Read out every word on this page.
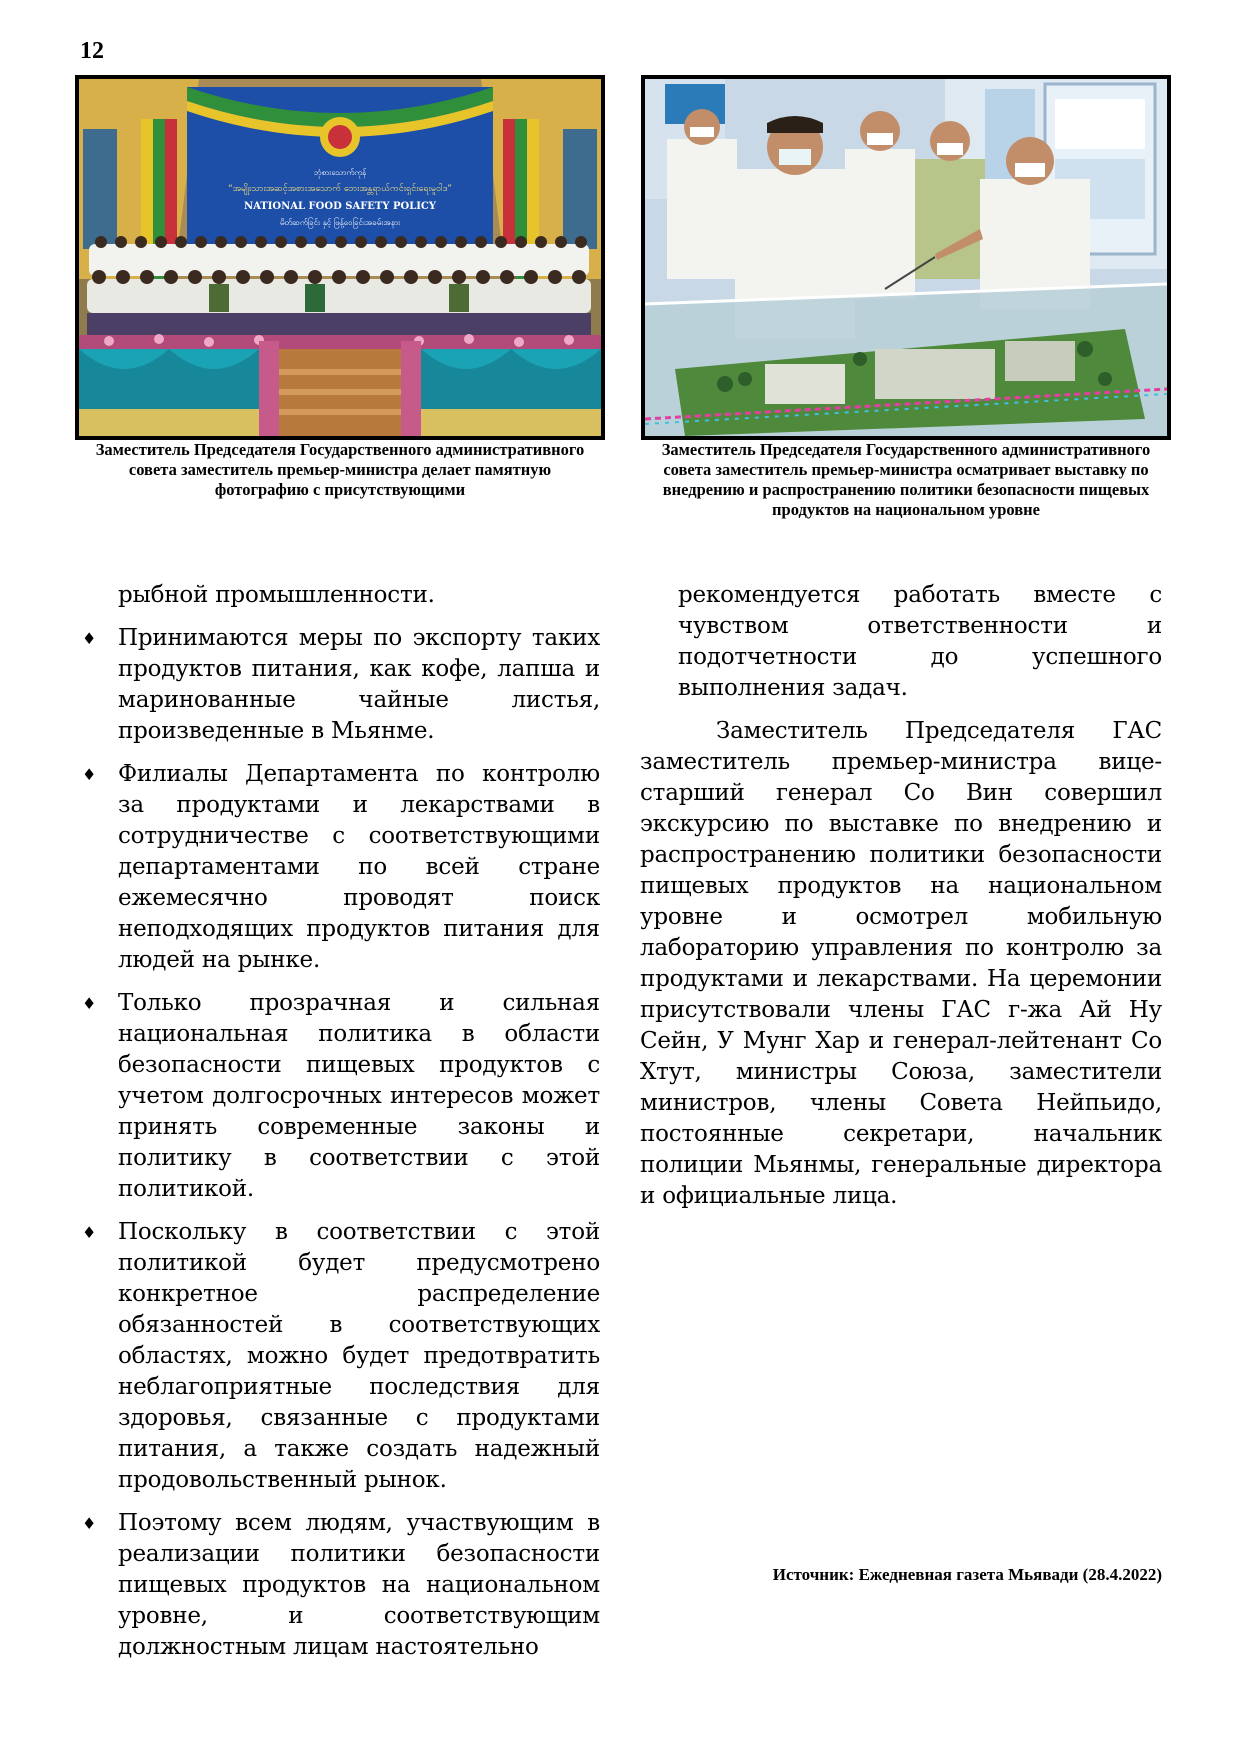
12
ဘုံစားသောက်ကုန်
“အမျိုးသားအဆင့်အစားအသောက် ဘေးအန္တရာယ်ကင်းရှင်းရေးမူဝါဒ”
NATIONAL FOOD SAFETY POLICY
မိတ်ဆက်ခြင်း နှင့် ဖြန့်ဝေခြင်းအခမ်းအနား
Заместитель Председателя Государственного административного совета заместитель премьер-министра делает памятную фотографию с присутствующими
Заместитель Председателя Государственного административного совета заместитель премьер-министра осматривает выставку по внедрению и распространению политики безопасности пищевых продуктов на национальном уровне

рыбной промышленности.

♦ Принимаются меры по экспорту таких продуктов питания, как кофе, лапша и маринованные чайные листья, произведенные в Мьянме.
♦ Филиалы Департамента по контролю за продуктами и лекарствами в сотрудничестве с соответствующими департаментами по всей стране ежемесячно проводят поиск неподходящих продуктов питания для людей на рынке.
♦ Только прозрачная и сильная национальная политика в области безопасности пищевых продуктов с учетом долгосрочных интересов может принять современные законы и политику в соответствии с этой политикой.
♦ Поскольку в соответствии с этой политикой будет предусмотрено конкретное распределение обязанностей в соответствующих областях, можно будет предотвратить неблагоприятные последствия для здоровья, связанные с продуктами питания, а также создать надежный продовольственный рынок.
♦ Поэтому всем людям, участвующим в реализации политики безопасности пищевых продуктов на национальном уровне, и соответствующим должностным лицам настоятельно

рекомендуется работать вместе с чувством ответственности и подотчетности до успешного выполнения задач.

Заместитель Председателя ГАС заместитель премьер-министра вице-старший генерал Со Вин совершил экскурсию по выставке по внедрению и распространению политики безопасности пищевых продуктов на национальном уровне и осмотрел мобильную лабораторию управления по контролю за продуктами и лекарствами. На церемонии присутствовали члены ГАС г-жа Ай Ну Сейн, У Мунг Хар и генерал-лейтенант Со Хтут, министры Союза, заместители министров, члены Совета Нейпьидо, постоянные секретари, начальник полиции Мьянмы, генеральные директора и официальные лица.

Источник: Ежедневная газета Мьявади (28.4.2022)
